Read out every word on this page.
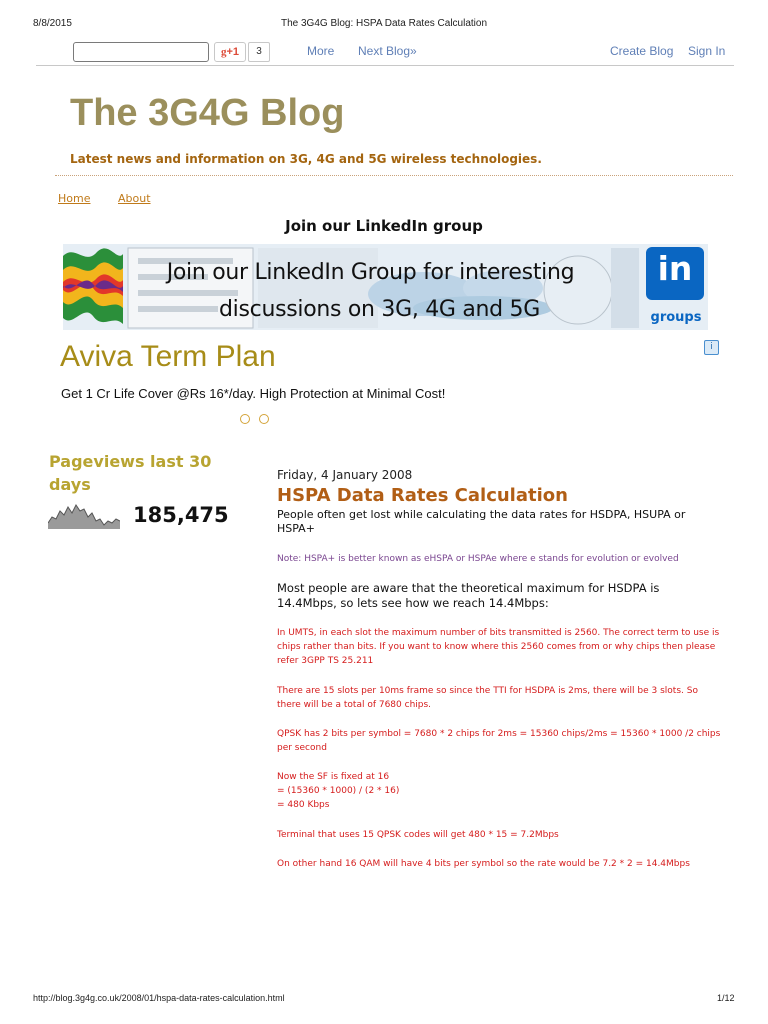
8/8/2015	The 3G4G Blog: HSPA Data Rates Calculation
g+1	3	More Next Blog»	Create Blog Sign In
The 3G4G Blog
Latest news and information on 3G, 4G and 5G wireless technologies.
Home	About
Join our LinkedIn group
Join our LinkedIn Group for interesting
discussions on 3G, 4G and 5G
in
groups
Aviva Term Plan
Get 1 Cr Life Cover @Rs 16*/day. High Protection at Minimal Cost!
i
Pageviews last 30 days
185,475
Friday, 4 January 2008
HSPA Data Rates Calculation
People often get lost while calculating the data rates for HSDPA, HSUPA or HSPA+
Note: HSPA+ is better known as eHSPA or HSPAe where e stands for evolution or evolved
Most people are aware that the theoretical maximum for HSDPA is 14.4Mbps, so lets see how we reach 14.4Mbps:
In UMTS, in each slot the maximum number of bits transmitted is 2560. The correct term to use is chips rather than bits. If you want to know where this 2560 comes from or why chips then please refer 3GPP TS 25.211
There are 15 slots per 10ms frame so since the TTI for HSDPA is 2ms, there will be 3 slots. So there will be a total of 7680 chips.
QPSK has 2 bits per symbol = 7680 * 2 chips for 2ms = 15360 chips/2ms = 15360 * 1000 /2 chips per second
Now the SF is fixed at 16
= (15360 * 1000) / (2 * 16)
= 480 Kbps
Terminal that uses 15 QPSK codes will get 480 * 15 = 7.2Mbps
On other hand 16 QAM will have 4 bits per symbol so the rate would be 7.2 * 2 = 14.4Mbps
http://blog.3g4g.co.uk/2008/01/hspa-data-rates-calculation.html	1/12
